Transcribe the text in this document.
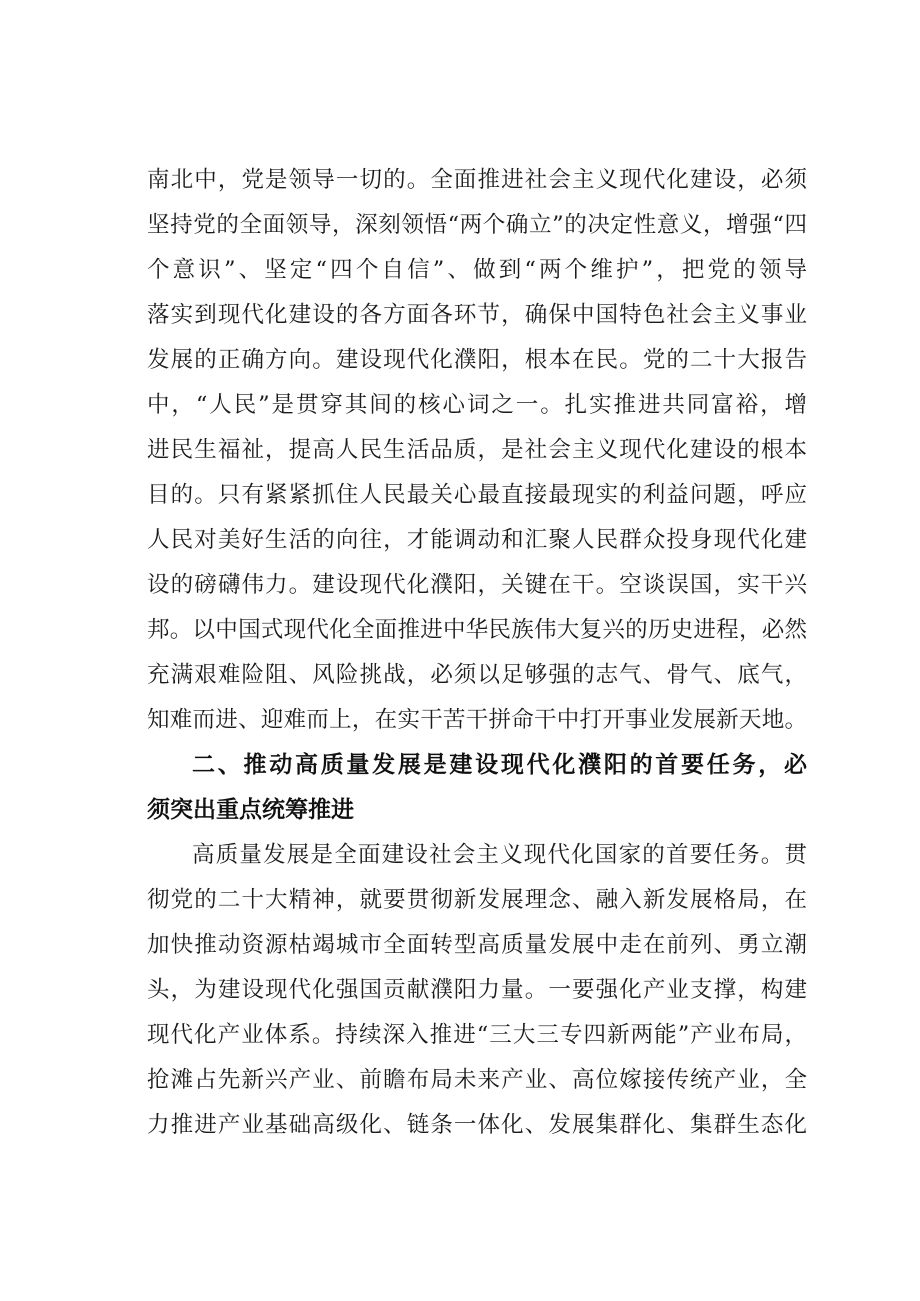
南北中，党是领导一切的。全面推进社会主义现代化建设，必须
坚持党的全面领导，深刻领悟“两个确立”的决定性意义，增强“四
个意识”、坚定“四个自信”、做到“两个维护”，把党的领导
落实到现代化建设的各方面各环节，确保中国特色社会主义事业
发展的正确方向。建设现代化濮阳，根本在民。党的二十大报告
中，“人民”是贯穿其间的核心词之一。扎实推进共同富裕，增
进民生福祉，提高人民生活品质，是社会主义现代化建设的根本
目的。只有紧紧抓住人民最关心最直接最现实的利益问题，呼应
人民对美好生活的向往，才能调动和汇聚人民群众投身现代化建
设的磅礴伟力。建设现代化濮阳，关键在干。空谈误国，实干兴
邦。以中国式现代化全面推进中华民族伟大复兴的历史进程，必然
充满艰难险阻、风险挑战，必须以足够强的志气、骨气、底气，
知难而进、迎难而上，在实干苦干拼命干中打开事业发展新天地。
二、推动高质量发展是建设现代化濮阳的首要任务，必
须突出重点统筹推进
高质量发展是全面建设社会主义现代化国家的首要任务。贯
彻党的二十大精神，就要贯彻新发展理念、融入新发展格局，在
加快推动资源枯竭城市全面转型高质量发展中走在前列、勇立潮
头，为建设现代化强国贡献濮阳力量。一要强化产业支撑，构建
现代化产业体系。持续深入推进“三大三专四新两能”产业布局，
抢滩占先新兴产业、前瞻布局未来产业、高位嫁接传统产业，全
力推进产业基础高级化、链条一体化、发展集群化、集群生态化
